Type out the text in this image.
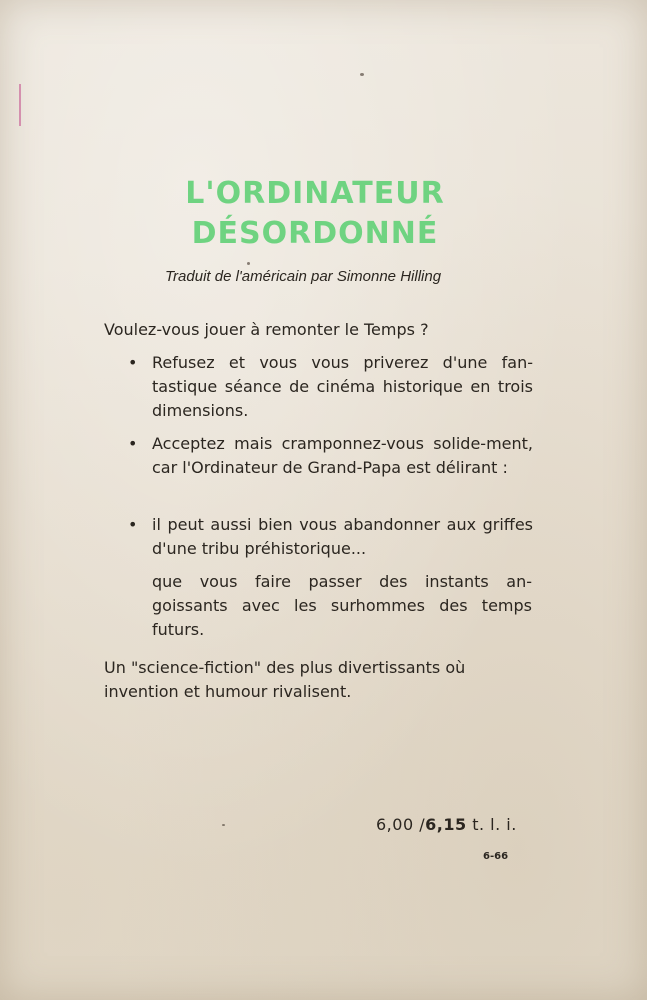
L'ORDINATEUR
DÉSORDONNÉ
Traduit de l'américain par Simonne Hilling
Voulez-vous jouer à remonter le Temps ?
• Refusez et vous vous priverez d'une fan-tastique séance de cinéma historique en trois dimensions.
• Acceptez mais cramponnez-vous solide-ment, car l'Ordinateur de Grand-Papa est délirant :
• il peut aussi bien vous abandonner aux griffes d'une tribu préhistorique...
que vous faire passer des instants an-goissants avec les surhommes des temps futurs.
Un "science-fiction" des plus divertissants où invention et humour rivalisent.
6,00 /6,15 t. l. i.
6-66
